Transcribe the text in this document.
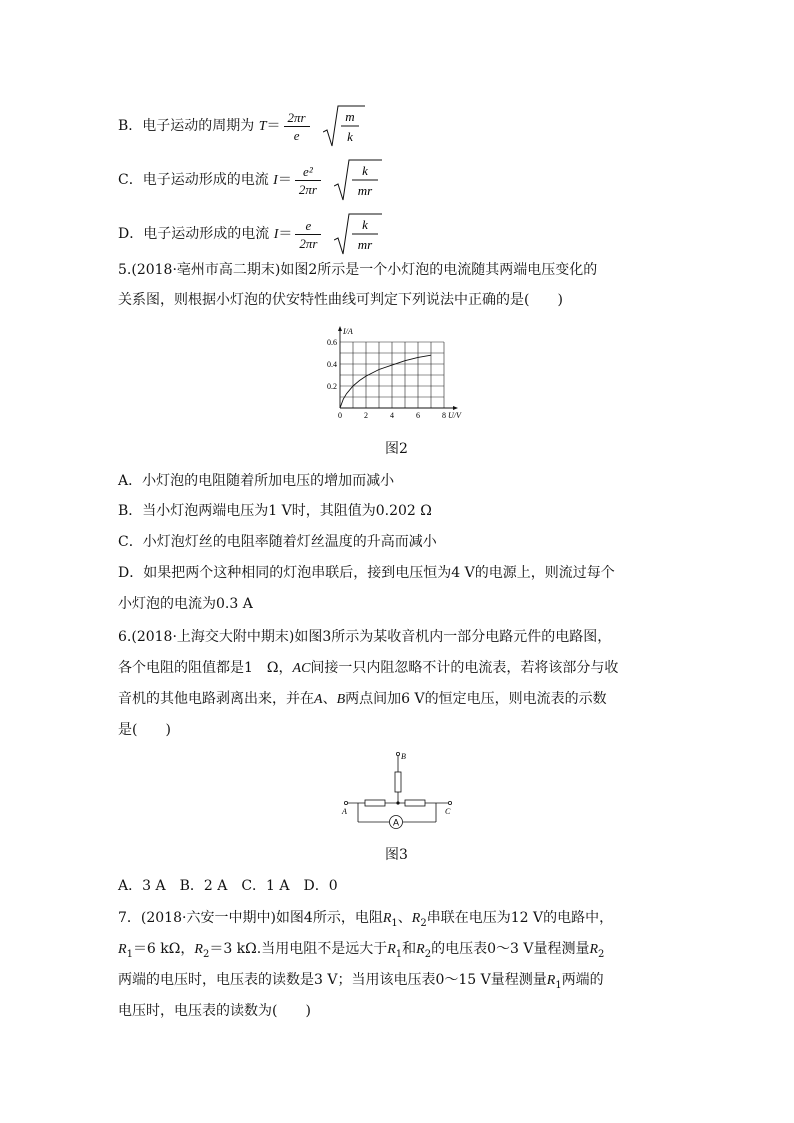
B．电子运动的周期为 $T= \frac{2\pi r}{e}$	m
k
C．电子运动形成的电流 $I= \frac{\text{e²}}{2\pi r}$	k
mr
D．电子运动形成的电流 $I= \frac{e}{2\pi r}$	k
mr
5.(2018·亳州市高二期末)如图2所示是一个小灯泡的电流随其两端电压变化的
关系图，则根据小灯泡的伏安特性曲线可判定下列说法中正确的是(　　)
0	2	4	6	8
0.2
0.4
0.6
I/A
U/V
图2
A．小灯泡的电阻随着所加电压的增加而减小
B．当小灯泡两端电压为1 V时，其阻值为0.202 Ω
C．小灯泡灯丝的电阻率随着灯丝温度的升高而减小
D．如果把两个这种相同的灯泡串联后，接到电压恒为4 V的电源上，则流过每个
小灯泡的电流为0.3 A
6.(2018·上海交大附中期末)如图3所示为某收音机内一部分电路元件的电路图，
各个电阻的阻值都是1　Ω，AC间接一只内阻忽略不计的电流表，若将该部分与收
音机的其他电路剥离出来，并在A、B两点间加6 V的恒定电压，则电流表的示数
是(　　)
A
B
A	C
图3
A．3 A　B．2 A　C．1 A　D．0
7．(2018·六安一中期中)如图4所示，电阻$R_1$、$R_2$串联在电压为12 V的电路中，
$R_1=6$ kΩ，$R_2=3$ kΩ.当用电阻不是远大于$R_1$和$R_2$的电压表0～3 V量程测量$R_2$
两端的电压时，电压表的读数是3 V；当用该电压表0～15 V量程测量$R_1$两端的
电压时，电压表的读数为(　　)
